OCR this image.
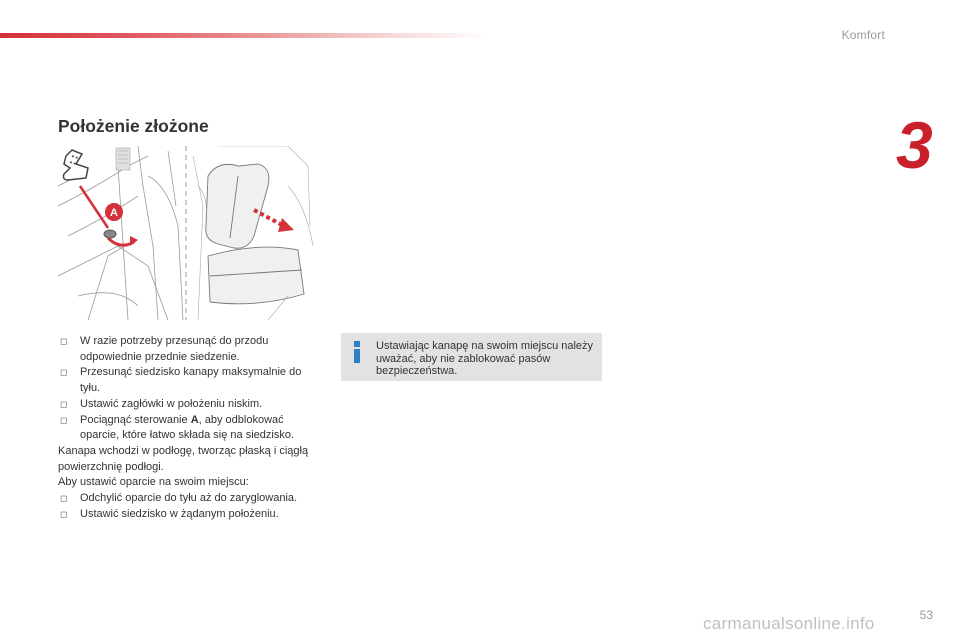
Komfort
3
Położenie złożone
A
◻ W razie potrzeby przesunąć do przodu odpowiednie przednie siedzenie.
◻ Przesunąć siedzisko kanapy maksymalnie do tyłu.
◻ Ustawić zagłówki w położeniu niskim.
◻ Pociągnąć sterowanie A, aby odblokować oparcie, które łatwo składa się na siedzisko.
Kanapa wchodzi w podłogę, tworząc płaską i ciągłą powierzchnię podłogi.
Aby ustawić oparcie na swoim miejscu:
◻ Odchylić oparcie do tyłu aż do zaryglowania.
◻ Ustawić siedzisko w żądanym położeniu.
Ustawiając kanapę na swoim miejscu należy uważać, aby nie zablokować pasów bezpieczeństwa.
53
carmanualsonline.info
